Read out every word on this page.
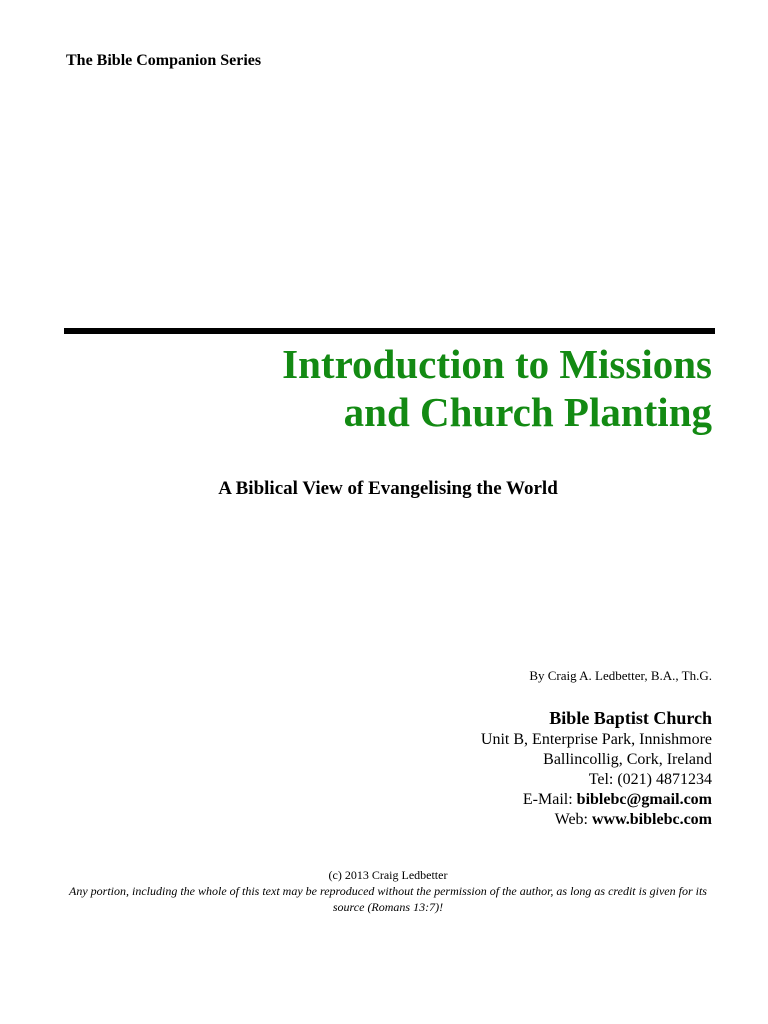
The Bible Companion Series
Introduction to Missions
and Church Planting
A Biblical View of Evangelising the World
By Craig A. Ledbetter, B.A., Th.G.
Bible Baptist Church
Unit B, Enterprise Park, Innishmore
Ballincollig, Cork, Ireland
Tel: (021) 4871234
E-Mail: biblebc@gmail.com
Web: www.biblebc.com
(c) 2013 Craig Ledbetter
Any portion, including the whole of this text may be reproduced without the permission of the author, as long as credit is given for its source (Romans 13:7)!
